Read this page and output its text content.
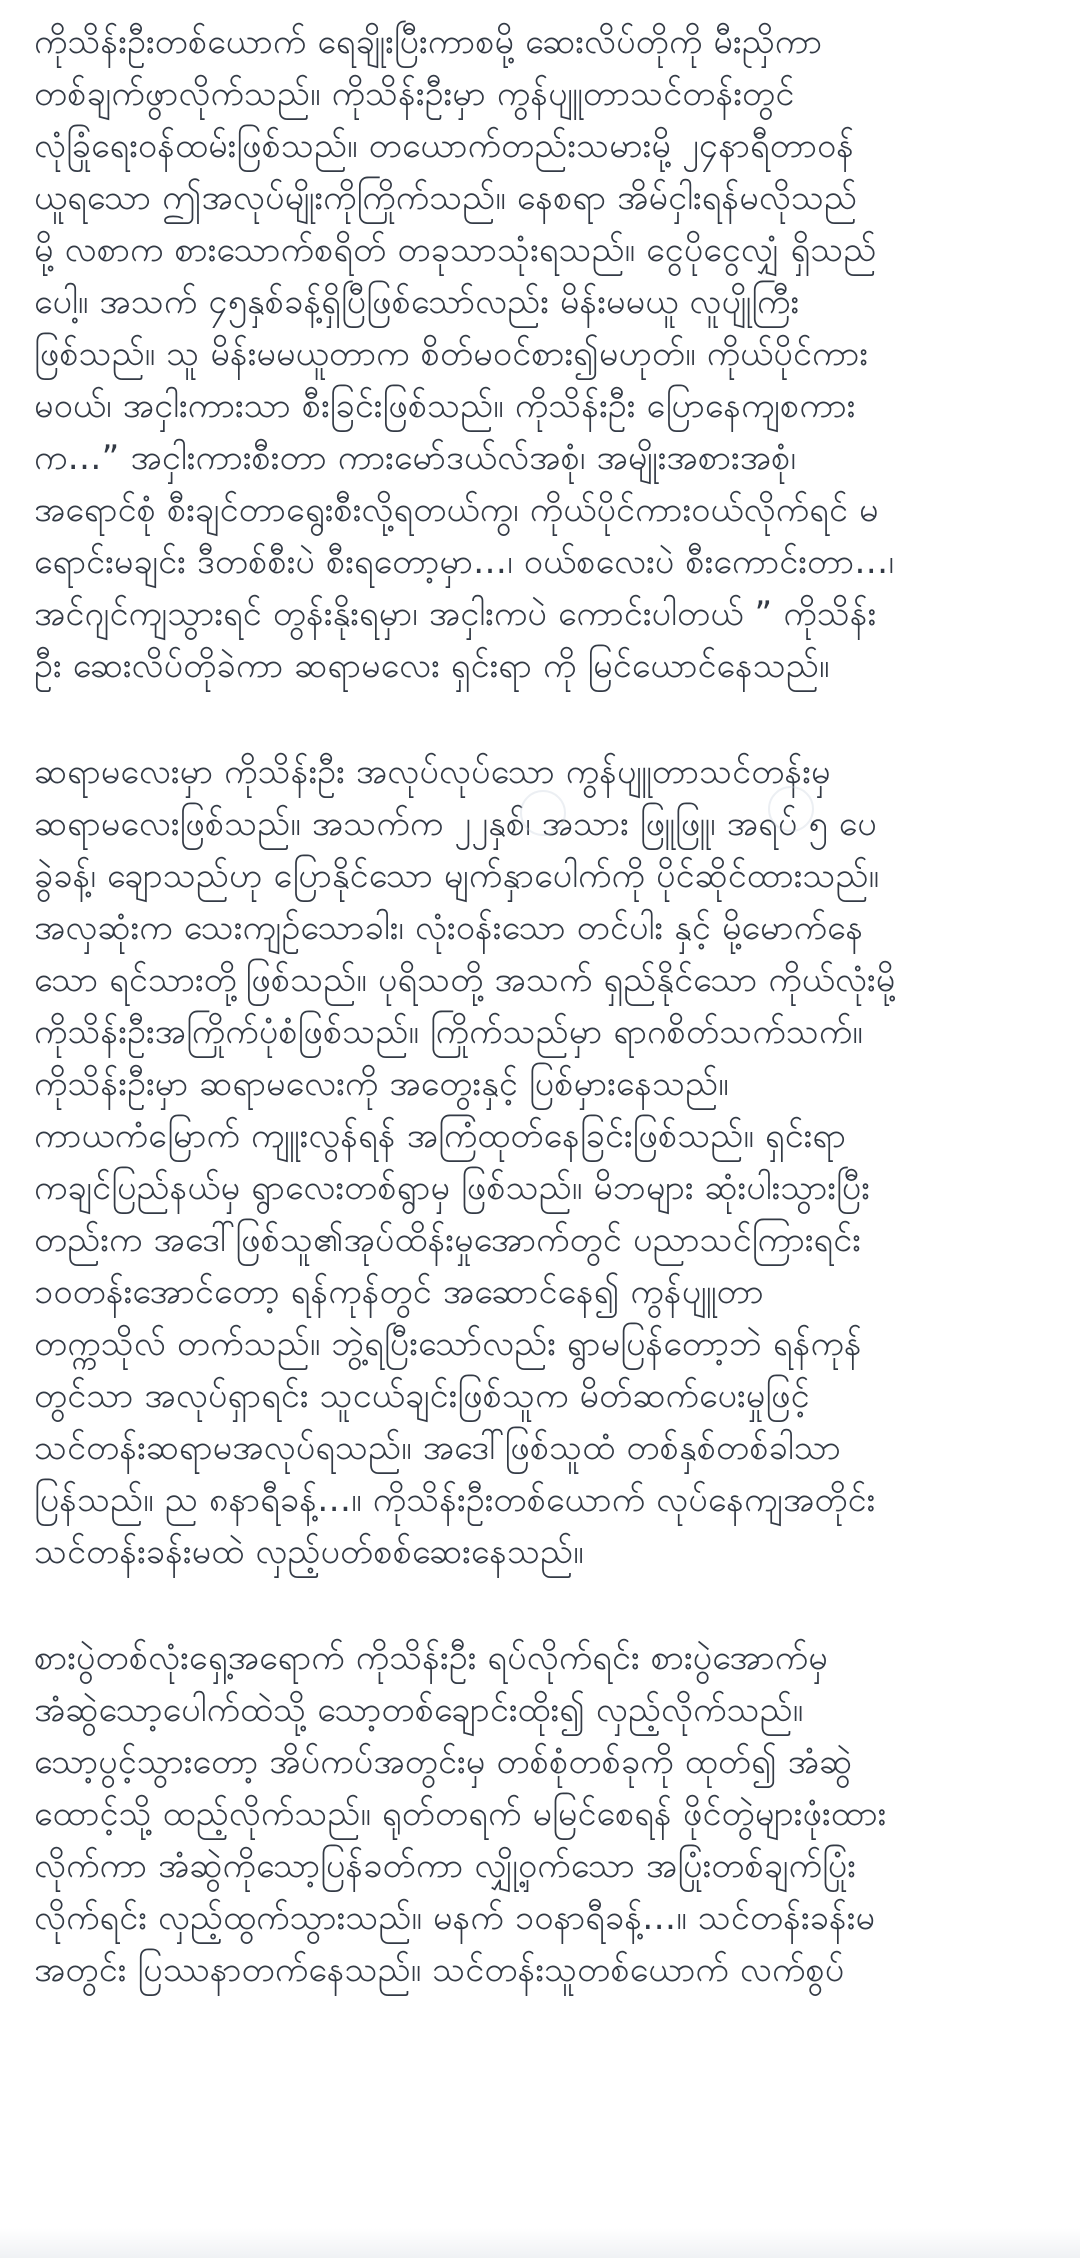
ကိုသိန်းဦးတစ်ယောက် ရေချိုးပြီးကာစမို့ ဆေးလိပ်တိုကို မီးညှိကာ
တစ်ချက်ဖွာလိုက်သည်။ ကိုသိန်းဦးမှာ ကွန်ပျူတာသင်တန်းတွင်
လုံခြုံရေးဝန်ထမ်းဖြစ်သည်။ တယောက်တည်းသမားမို့ ၂၄နာရီတာဝန်
ယူရသော ဤအလုပ်မျိုးကိုကြိုက်သည်။ နေစရာ အိမ်ငှါးရန်မလိုသည်
မို့ လစာက စားသောက်စရိတ် တခုသာသုံးရသည်။ ငွေပိုငွေလျှံ ရှိသည်
ပေါ့။ အသက် ၄၅နှစ်ခန့်ရှိပြီဖြစ်သော်လည်း မိန်းမမယူ လူပျိုကြီး
ဖြစ်သည်။ သူ မိန်းမမယူတာက စိတ်မဝင်စား၍မဟုတ်။ ကိုယ်ပိုင်ကား
မဝယ်၊ အငှါးကားသာ စီးခြင်းဖြစ်သည်။ ကိုသိန်းဦး ပြောနေကျစကား
က…” အငှါးကားစီးတာ ကားမော်ဒယ်လ်အစုံ၊ အမျိုးအစားအစုံ၊
အရောင်စုံ စီးချင်တာရွေးစီးလို့ရတယ်ကွ၊ ကိုယ်ပိုင်ကားဝယ်လိုက်ရင် မ
ရောင်းမချင်း ဒီတစ်စီးပဲ စီးရတော့မှာ…၊ ဝယ်စလေးပဲ စီးကောင်းတာ…၊
အင်ဂျင်ကျသွားရင် တွန်းနိုးရမှာ၊ အငှါးကပဲ ကောင်းပါတယ် ” ကိုသိန်း
ဦး ဆေးလိပ်တိုခဲကာ ဆရာမလေး ရှင်းရာ ကို မြင်ယောင်နေသည်။

ဆရာမလေးမှာ ကိုသိန်းဦး အလုပ်လုပ်သော ကွန်ပျူတာသင်တန်းမှ
ဆရာမလေးဖြစ်သည်။ အသက်က ၂၂နှစ်၊ အသား ဖြူဖြူ၊ အရပ် ၅ ပေ
ခွဲခန့်၊ ချောသည်ဟု ပြောနိုင်သော မျက်နှာပေါက်ကို ပိုင်ဆိုင်ထားသည်။
အလှဆုံးက သေးကျဉ်သောခါး၊ လုံးဝန်းသော တင်ပါး နှင့် မို့မောက်နေ
သော ရင်သားတို့ဖြစ်သည်။ ပုရိသတို့ အသက် ရှည်နိုင်သော ကိုယ်လုံးမို့
ကိုသိန်းဦးအကြိုက်ပုံစံဖြစ်သည်။ ကြိုက်သည်မှာ ရာဂစိတ်သက်သက်။
ကိုသိန်းဦးမှာ ဆရာမလေးကို အတွေးနှင့် ပြစ်မှားနေသည်။
ကာယကံမြောက် ကျူးလွန်ရန် အကြံထုတ်နေခြင်းဖြစ်သည်။ ရှင်းရာ
ကချင်ပြည်နယ်မှ ရွာလေးတစ်ရွာမှ ဖြစ်သည်။ မိဘများ ဆုံးပါးသွားပြီး
တည်းက အဒေါ်ဖြစ်သူ၏အုပ်ထိန်းမှုအောက်တွင် ပညာသင်ကြားရင်း
၁၀တန်းအောင်တော့ ရန်ကုန်တွင် အဆောင်နေ၍ ကွန်ပျူတာ
တက္ကသိုလ် တက်သည်။ ဘွဲ့ရပြီးသော်လည်း ရွာမပြန်တော့ဘဲ ရန်ကုန်
တွင်သာ အလုပ်ရှာရင်း သူငယ်ချင်းဖြစ်သူက မိတ်ဆက်ပေးမှုဖြင့်
သင်တန်းဆရာမအလုပ်ရသည်။ အဒေါ်ဖြစ်သူထံ တစ်နှစ်တစ်ခါသာ
ပြန်သည်။ ည ၈နာရီခန့်…။ ကိုသိန်းဦးတစ်ယောက် လုပ်နေကျအတိုင်း
သင်တန်းခန်းမထဲ လှည့်ပတ်စစ်ဆေးနေသည်။

စားပွဲတစ်လုံးရှေ့အရောက် ကိုသိန်းဦး ရပ်လိုက်ရင်း စားပွဲအောက်မှ
အံဆွဲသော့ပေါက်ထဲသို့ သော့တစ်ချောင်းထိုး၍ လှည့်လိုက်သည်။
သော့ပွင့်သွားတော့ အိပ်ကပ်အတွင်းမှ တစ်စုံတစ်ခုကို ထုတ်၍ အံဆွဲ
ထောင့်သို့ ထည့်လိုက်သည်။ ရုတ်တရက် မမြင်စေရန် ဖိုင်တွဲများဖုံးထား
လိုက်ကာ အံဆွဲကိုသော့ပြန်ခတ်ကာ လျှို့ဝှက်သော အပြုံးတစ်ချက်ပြုံး
လိုက်ရင်း လှည့်ထွက်သွားသည်။ မနက် ၁၀နာရီခန့်…။ သင်တန်းခန်းမ
အတွင်း ပြဿနာတက်နေသည်။ သင်တန်းသူတစ်ယောက် လက်စွပ်
